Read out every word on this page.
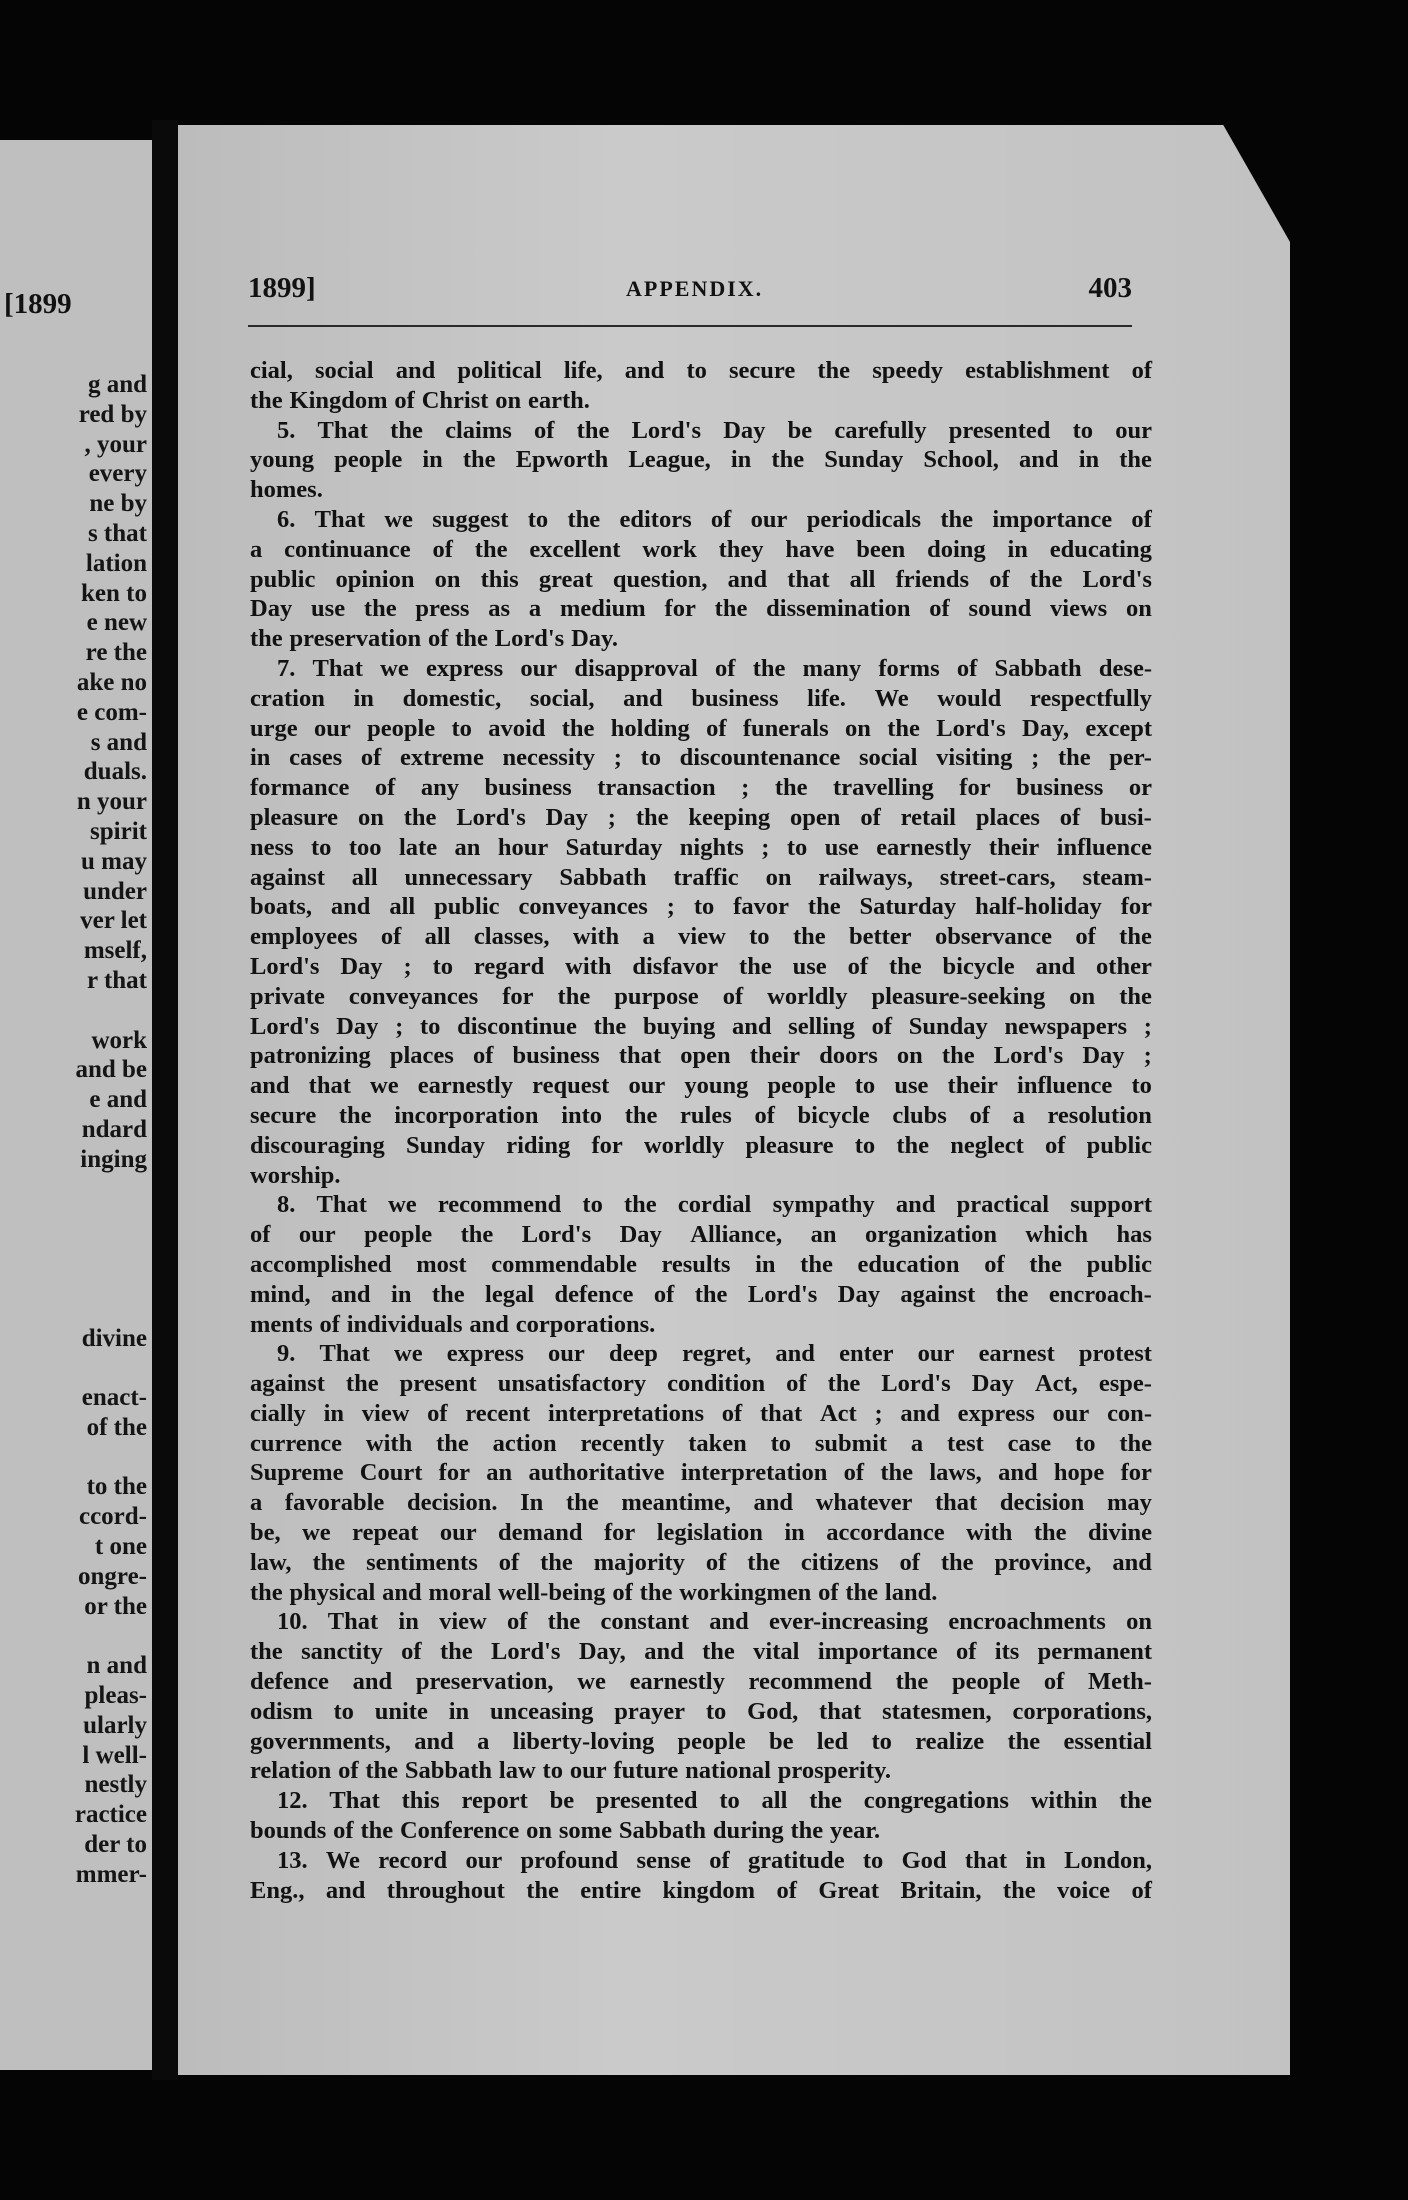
[1899
g and
red by
, your
every
ne by
s that
lation
ken to
e new
re the
ake no
e com-
s and
duals.
n your
spirit
u may
under
ver let
mself,
r that
work
and be
e and
ndard
inging
divine
enact-
of the
to the
ccord-
t one
ongre-
or the
n and
pleas-
ularly
l well-
nestly
ractice
der to
mmer-
1899]	APPENDIX.	403
cial, social and political life, and to secure the speedy establishment of
the Kingdom of Christ on earth.
5. That the claims of the Lord's Day be carefully presented to our
young people in the Epworth League, in the Sunday School, and in the
homes.
6. That we suggest to the editors of our periodicals the importance of
a continuance of the excellent work they have been doing in educating
public opinion on this great question, and that all friends of the Lord's
Day use the press as a medium for the dissemination of sound views on
the preservation of the Lord's Day.
7. That we express our disapproval of the many forms of Sabbath dese-
cration in domestic, social, and business life. We would respectfully
urge our people to avoid the holding of funerals on the Lord's Day, except
in cases of extreme necessity ; to discountenance social visiting ; the per-
formance of any business transaction ; the travelling for business or
pleasure on the Lord's Day ; the keeping open of retail places of busi-
ness to too late an hour Saturday nights ; to use earnestly their influence
against all unnecessary Sabbath traffic on railways, street-cars, steam-
boats, and all public conveyances ; to favor the Saturday half-holiday for
employees of all classes, with a view to the better observance of the
Lord's Day ; to regard with disfavor the use of the bicycle and other
private conveyances for the purpose of worldly pleasure-seeking on the
Lord's Day ; to discontinue the buying and selling of Sunday newspapers ;
patronizing places of business that open their doors on the Lord's Day ;
and that we earnestly request our young people to use their influence to
secure the incorporation into the rules of bicycle clubs of a resolution
discouraging Sunday riding for worldly pleasure to the neglect of public
worship.
8. That we recommend to the cordial sympathy and practical support
of our people the Lord's Day Alliance, an organization which has
accomplished most commendable results in the education of the public
mind, and in the legal defence of the Lord's Day against the encroach-
ments of individuals and corporations.
9. That we express our deep regret, and enter our earnest protest
against the present unsatisfactory condition of the Lord's Day Act, espe-
cially in view of recent interpretations of that Act ; and express our con-
currence with the action recently taken to submit a test case to the
Supreme Court for an authoritative interpretation of the laws, and hope for
a favorable decision. In the meantime, and whatever that decision may
be, we repeat our demand for legislation in accordance with the divine
law, the sentiments of the majority of the citizens of the province, and
the physical and moral well-being of the workingmen of the land.
10. That in view of the constant and ever-increasing encroachments on
the sanctity of the Lord's Day, and the vital importance of its permanent
defence and preservation, we earnestly recommend the people of Meth-
odism to unite in unceasing prayer to God, that statesmen, corporations,
governments, and a liberty-loving people be led to realize the essential
relation of the Sabbath law to our future national prosperity.
12. That this report be presented to all the congregations within the
bounds of the Conference on some Sabbath during the year.
13. We record our profound sense of gratitude to God that in London,
Eng., and throughout the entire kingdom of Great Britain, the voice of
